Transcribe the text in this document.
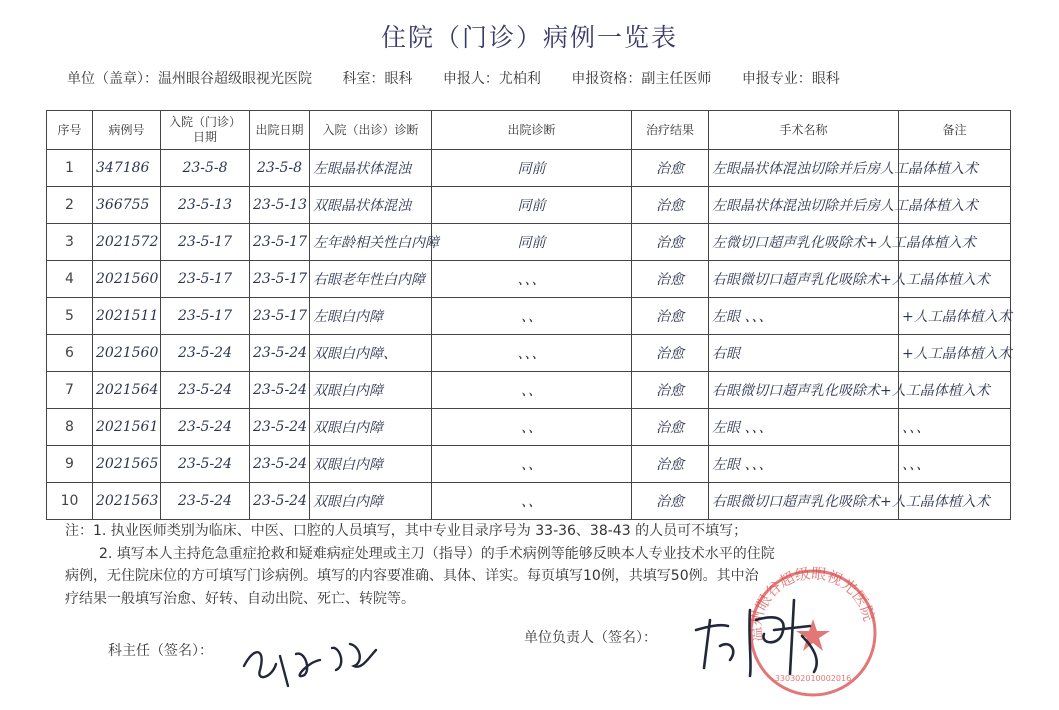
住院（门诊）病例一览表
单位（盖章）：温州眼谷超级眼视光医院 科室：眼科 申报人：尤柏利 申报资格：副主任医师 申报专业：眼科
序号	病例号	入院（门诊）日期	出院日期	入院（出诊）诊断	出院诊断	治疗结果	手术名称	备注
1	347186	23-5-8	23-5-8	左眼晶状体混浊	同前	治愈	左眼晶状体混浊切除并后房人工晶体植入术	
2	366755	23-5-13	23-5-13	双眼晶状体混浊	同前	治愈	左眼晶状体混浊切除并后房人工晶体植入术	
3	2021572	23-5-17	23-5-17	左年龄相关性白内障	同前	治愈	左微切口超声乳化吸除术+人工晶体植入术	
4	2021560	23-5-17	23-5-17	右眼老年性白内障	、、、	治愈	右眼微切口超声乳化吸除术+人工晶体植入术	
5	2021511	23-5-17	23-5-17	左眼白内障	、、	治愈	左眼 、、、	+人工晶体植入术
6	2021560	23-5-24	23-5-24	双眼白内障、	、、、	治愈	右眼	+人工晶体植入术
7	2021564	23-5-24	23-5-24	双眼白内障	、、	治愈	右眼微切口超声乳化吸除术+人工晶体植入术	
8	2021561	23-5-24	23-5-24	双眼白内障	、、	治愈	左眼 、、、	、、、
9	2021565	23-5-24	23-5-24	双眼白内障	、、	治愈	左眼 、、、	、、、
10	2021563	23-5-24	23-5-24	双眼白内障	、、	治愈	右眼微切口超声乳化吸除术+人工晶体植入术	

注：1. 执业医师类别为临床、中医、口腔的人员填写，其中专业目录序号为 33-36、38-43 的人员可不填写；

2. 填写本人主持危急重症抢救和疑难病症处理或主刀（指导）的手术病例等能够反映本人专业技术水平的住院

病例，无住院床位的方可填写门诊病例。填写的内容要准确、具体、详实。每页填写10例，共填写50例。其中治

疗结果一般填写治愈、好转、自动出院、死亡、转院等。

科主任（签名）：
单位负责人（签名）：	温州眼谷超级眼视光医院
330302010002016
